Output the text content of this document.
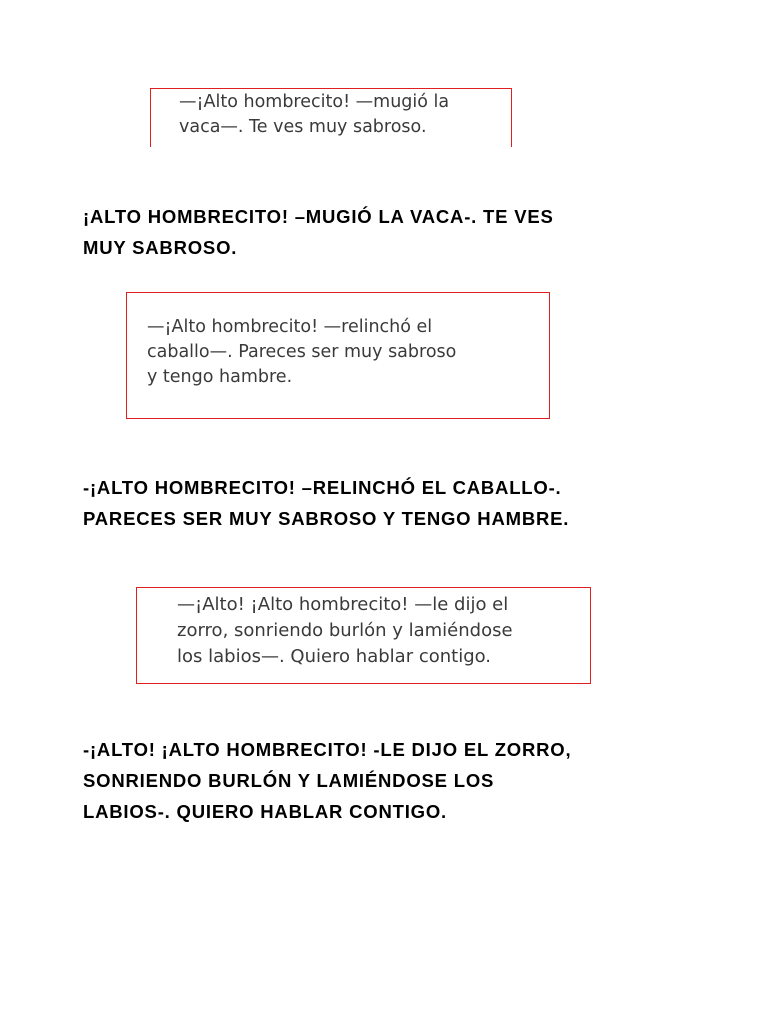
—¡Alto hombrecito! —mugió la
vaca—. Te ves muy sabroso.

¡ALTO HOMBRECITO! –MUGIÓ LA VACA-. TE VES
MUY SABROSO.

—¡Alto hombrecito! —relinchó el
caballo—. Pareces ser muy sabroso
y tengo hambre.

-¡ALTO HOMBRECITO! –RELINCHÓ EL CABALLO-.
PARECES SER MUY SABROSO Y TENGO HAMBRE.

—¡Alto! ¡Alto hombrecito! —le dijo el
zorro, sonriendo burlón y lamiéndose
los labios—. Quiero hablar contigo.

-¡ALTO! ¡ALTO HOMBRECITO! -LE DIJO EL ZORRO,
SONRIENDO BURLÓN Y LAMIÉNDOSE LOS
LABIOS-. QUIERO HABLAR CONTIGO.
